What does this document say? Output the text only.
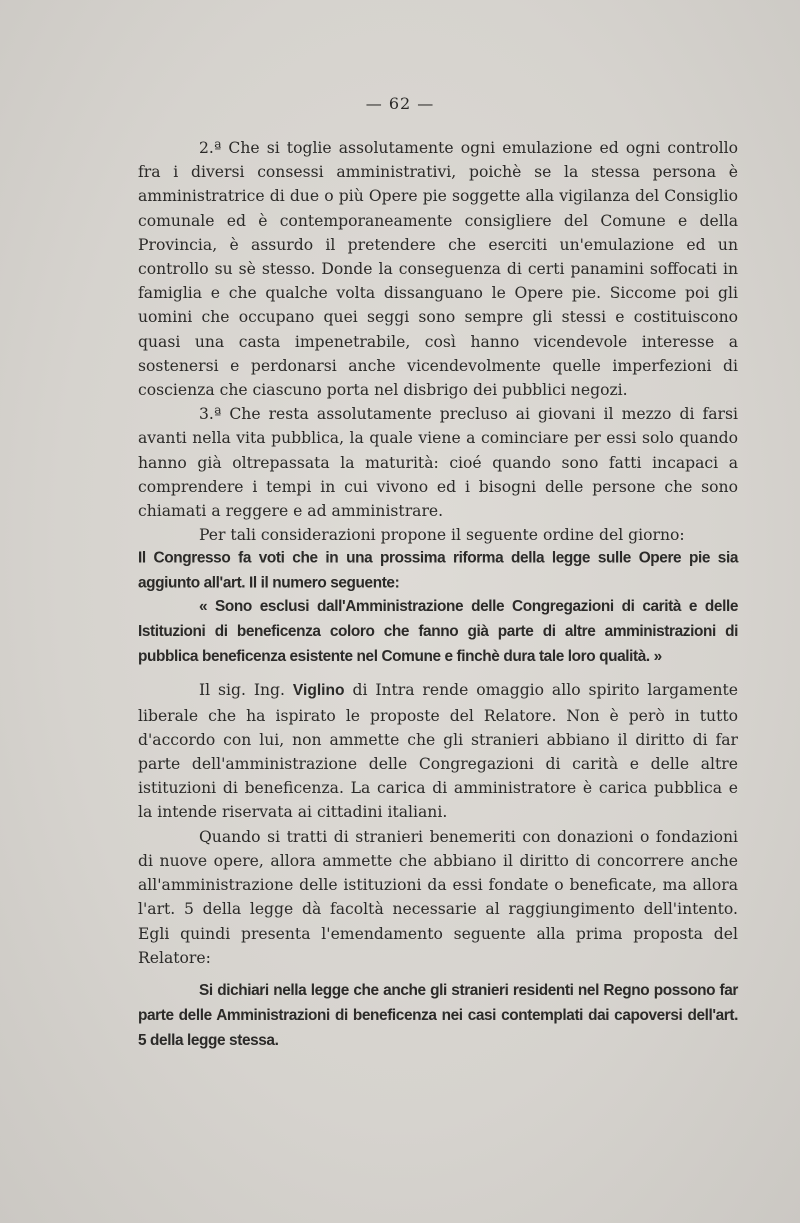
— 62 —

2.ª Che si toglie assolutamente ogni emulazione ed ogni controllo fra i diversi consessi amministrativi, poichè se la stessa persona è amministratrice di due o più Opere pie soggette alla vigilanza del Consiglio comunale ed è contemporaneamente consigliere del Comune e della Provincia, è assurdo il pretendere che eserciti un'emulazione ed un controllo su sè stesso. Donde la conseguenza di certi panamini soffocati in famiglia e che qualche volta dissanguano le Opere pie. Siccome poi gli uomini che occupano quei seggi sono sempre gli stessi e costituiscono quasi una casta impenetrabile, così hanno vicendevole interesse a sostenersi e perdonarsi anche vicendevolmente quelle imperfezioni di coscienza che ciascuno porta nel disbrigo dei pubblici negozi.

3.ª Che resta assolutamente precluso ai giovani il mezzo di farsi avanti nella vita pubblica, la quale viene a cominciare per essi solo quando hanno già oltrepassata la maturità: cioé quando sono fatti incapaci a comprendere i tempi in cui vivono ed i bisogni delle persone che sono chiamati a reggere e ad amministrare.

Per tali considerazioni propone il seguente ordine del giorno:

Il Congresso fa voti che in una prossima riforma della legge sulle Opere pie sia aggiunto all'art. Il il numero seguente:

« Sono esclusi dall'Amministrazione delle Congregazioni di carità e delle Istituzioni di beneficenza coloro che fanno già parte di altre amministrazioni di pubblica beneficenza esistente nel Comune e finchè dura tale loro qualità. »

Il sig. Ing. Viglino di Intra rende omaggio allo spirito largamente liberale che ha ispirato le proposte del Relatore. Non è però in tutto d'accordo con lui, non ammette che gli stranieri abbiano il diritto di far parte dell'amministrazione delle Congregazioni di carità e delle altre istituzioni di beneficenza. La carica di amministratore è carica pubblica e la intende riservata ai cittadini italiani.

Quando si tratti di stranieri benemeriti con donazioni o fondazioni di nuove opere, allora ammette che abbiano il diritto di concorrere anche all'amministrazione delle istituzioni da essi fondate o beneficate, ma allora l'art. 5 della legge dà facoltà necessarie al raggiungimento dell'intento. Egli quindi presenta l'emendamento seguente alla prima proposta del Relatore:

Si dichiari nella legge che anche gli stranieri residenti nel Regno possono far parte delle Amministrazioni di beneficenza nei casi contemplati dai capoversi dell'art. 5 della legge stessa.
